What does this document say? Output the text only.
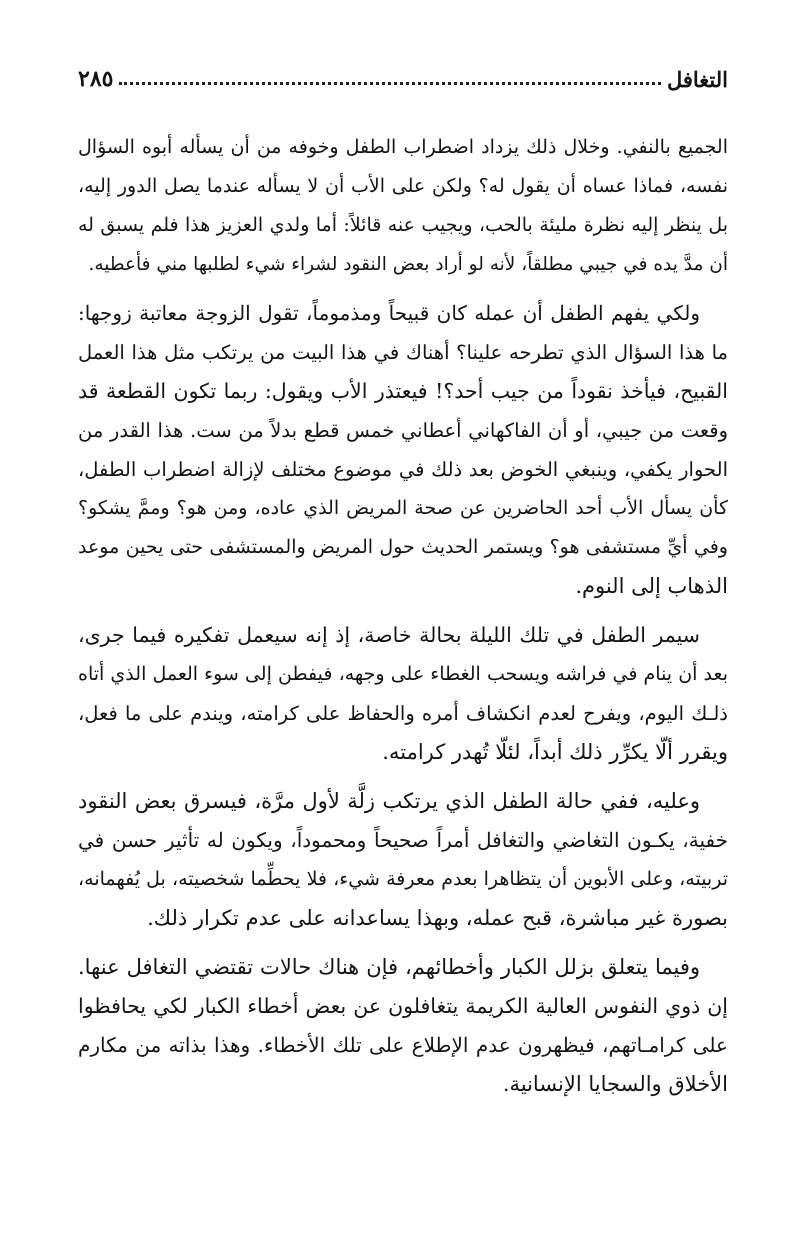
التغافل
٢٨٥
الجميع بالنفي. وخلال ذلك يزداد اضطراب الطفل وخوفه من أن يسأله أبوه السؤال
نفسه، فماذا عساه أن يقول له؟ ولكن على الأب أن لا يسأله عندما يصل الدور إليه،
بل ينظر إليه نظرة مليئة بالحب، ويجيب عنه قائلاً: أما ولدي العزيز هذا فلم يسبق له
أن مدَّ يده في جيبي مطلقاً، لأنه لو أراد بعض النقود لشراء شيء لطلبها مني فأعطيه.
ولكي يفهم الطفل أن عمله كان قبيحاً ومذموماً، تقول الزوجة معاتبة زوجها:
ما هذا السؤال الذي تطرحه علينا؟ أهناك في هذا البيت من يرتكب مثل هذا العمل
القبيح، فيأخذ نقوداً من جيب أحد؟! فيعتذر الأب ويقول: ربما تكون القطعة قد
وقعت من جيبي، أو أن الفاكهاني أعطاني خمس قطع بدلاً من ست. هذا القدر من
الحوار يكفي، وينبغي الخوض بعد ذلك في موضوع مختلف لإزالة اضطراب الطفل،
كأن يسأل الأب أحد الحاضرين عن صحة المريض الذي عاده، ومن هو؟ وممَّ يشكو؟
وفي أيِّ مستشفى هو؟ ويستمر الحديث حول المريض والمستشفى حتى يحين موعد
الذهاب إلى النوم.
سيمر الطفل في تلك الليلة بحالة خاصة، إذ إنه سيعمل تفكيره فيما جرى،
بعد أن ينام في فراشه ويسحب الغطاء على وجهه، فيفطن إلى سوء العمل الذي أتاه
ذلـك اليوم، ويفرح لعدم انكشاف أمره والحفاظ على كرامته، ويندم على ما فعل،
ويقرر ألّا يكرِّر ذلك أبداً، لئلّا تُهدر كرامته.
وعليه، ففي حالة الطفل الذي يرتكب زلَّة لأول مرَّة، فيسرق بعض النقود
خفية، يكـون التغاضي والتغافل أمراً صحيحاً ومحموداً، ويكون له تأثير حسن في
تربيته، وعلى الأبوين أن يتظاهرا بعدم معرفة شيء، فلا يحطِّما شخصيته، بل يُفهمانه،
بصورة غير مباشرة، قبح عمله، وبهذا يساعدانه على عدم تكرار ذلك.
وفيما يتعلق بزلل الكبار وأخطائهم، فإن هناك حالات تقتضي التغافل عنها.
إن ذوي النفوس العالية الكريمة يتغافلون عن بعض أخطاء الكبار لكي يحافظوا
على كرامـاتهم، فيظهرون عدم الإطلاع على تلك الأخطاء. وهذا بذاته من مكارم
الأخلاق والسجايا الإنسانية.
